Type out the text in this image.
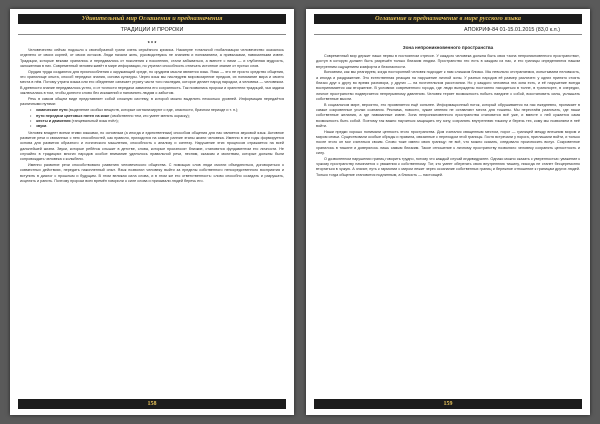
Удивительный мир Оглашения и предназначения
ТРАДИЦИИ И ПРОРОКИ
* * *

Человечество сейчас подошло к своеобразной грани очень серьёзного кризиса. Накануне тотальной глобализации человечество оказалось отделено от своих корней, от своих истоков. Люди начали жить, руководствуясь не знанием и пониманием, а привычками, навязанными извне. Традиции, которые веками хранились и передавались от поколения к поколению, стали забываться, а вместе с ними — и глубинная мудрость, заложенная в них. Современный человек живёт в мире информации, но утратил способность отличать истинное знание от пустых слов.

Орудия труда создаются для приспособления к окружающей среде, но орудием мысли является язык. Язык — это не просто средство общения, это хранилище опыта, способ передачи знания, основа культуры. Через язык мы наследуем мировоззрение предков, их понимание мира и своего места в нём. Потому утрата языка или его обеднение означает утрату части того наследия, которое делает народ народом, а человека — человеком. В древности знание передавалось устно, и от точности передачи зависела его сохранность. Так появились пророки и хранители традиций, чья задача заключалась в том, чтобы донести слово без искажений и напомнить людям о забытом.

Речь в самом общем виде представляет собой сложную систему, в которой можно выделить несколько уровней. Информация передаётся различными путями:

• химические пути (выделение особых веществ, которые сигнализируют о еде, опасности, брачном периоде и т. п.);
• пути передачи цветовых пятен на коже (свойственно тем, кто умеет менять окраску);
• жесты и движения (танцевальный язык пчёл);
• звуки.

Человек владеет всеми этими языками, но основным (а иногда и единственным) способом общения для нас является звуковой язык. Активное развитие речи и связанных с нею способностей, как правило, приходится на самые ранние этапы жизни человека. Именно в эти годы формируется основа для развития образного и логического мышления, способность к анализу и синтезу. Нарушение этих процессов отражается на всей дальнейшей жизни. Звуки, которые ребёнок слышит в детстве, слова, которые произносят близкие, становятся фундаментом его личности. Не случайно в традициях многих народов особое внимание уделялось правильной речи, песням, сказкам и молитвам, которые должны были сопровождать человека с колыбели.

Именно развитие речи способствовало развитию человеческого общества. С помощью слов люди смогли объединиться, договориться о совместных действиях, передать накопленный опыт. Язык позволил человеку выйти за пределы собственного непосредственного восприятия и вступить в диалог с прошлым и будущим. В этом великая сила слова, и в этом же его ответственность: слово способно созидать и разрушать, исцелять и ранить. Поэтому пророки всех времён говорили о силе слова и призывали людей беречь его.

158
Оглашение и предназначение в мире русского языка
АПОКРИФ-84 01-15.01.2015 (83,0 к.л.)
Зона непроникновенного пространства

Современный мир держит наши нервы в постоянном стрессе. У каждого человека должна быть своя «зона непроникновенного пространства», доступ в которую должен быть разрешён только близким людям. Пространство это есть в каждом из нас, и его границы определяются нашим внутренним ощущением комфорта и безопасности.

Вспомним, как мы реагируем, когда посторонний человек подходит к нам слишком близко. Мы невольно отстраняемся, испытываем неловкость, а иногда и раздражение. Это естественная реакция на нарушение личной зоны. У разных народов её размер различен: у одних принято стоять близко друг к другу во время разговора, у других — на почтительном расстоянии. Но у каждого человека эта зона есть, и её нарушение всегда воспринимается как вторжение. В условиях современного города, где люди вынуждены постоянно находиться в толпе, в транспорте, в очередях, личное пространство подвергается непрерывному давлению. Человек теряет возможность побыть наедине с собой, восстановить силы, услышать собственные мысли.

В социальном мире, вероятно, это проявляется ещё сильнее. Информационный поток, который обрушивается на нас ежедневно, проникает в самые сокровенные уголки сознания. Реклама, новости, чужие мнения не оставляют места для тишины. Мы перестаём различать, где наши собственные желания, а где навязанные извне. Зона непроникновенного пространства становится всё уже, и вместе с ней сужается сама возможность быть собой. Поэтому так важно научиться защищать эту зону, сохранять внутреннюю тишину и беречь тех, кому мы позволяем в неё войти.

Наши предки хорошо понимали ценность этого пространства. Дом считался священным местом, порог — границей между внешним миром и миром семьи. Существовали особые обряды и правила, связанные с переходом этой границы. Гостя встречали у порога, приглашали войти, и только после этого он мог считаться своим. Слово тоже имело свою границу: не всё, что можно сказать, следовало произносить вслух. Сокровенное хранилось в тишине и доверялось лишь самым близким. Такое отношение к личному пространству позволяло человеку сохранять целостность и силу.

О дозволенном нарушении границ говорить трудно, потому что каждый случай индивидуален. Однако можно сказать с уверенностью: уважение к чужому пространству начинается с уважения к собственному. Тот, кто умеет оберегать свою внутреннюю тишину, никогда не станет бесцеремонно вторгаться в чужую. А значит, путь к гармонии с миром лежит через осознание собственных границ и бережное отношение к границам других людей. Только тогда общение становится подлинным, а близость — настоящей.

159
